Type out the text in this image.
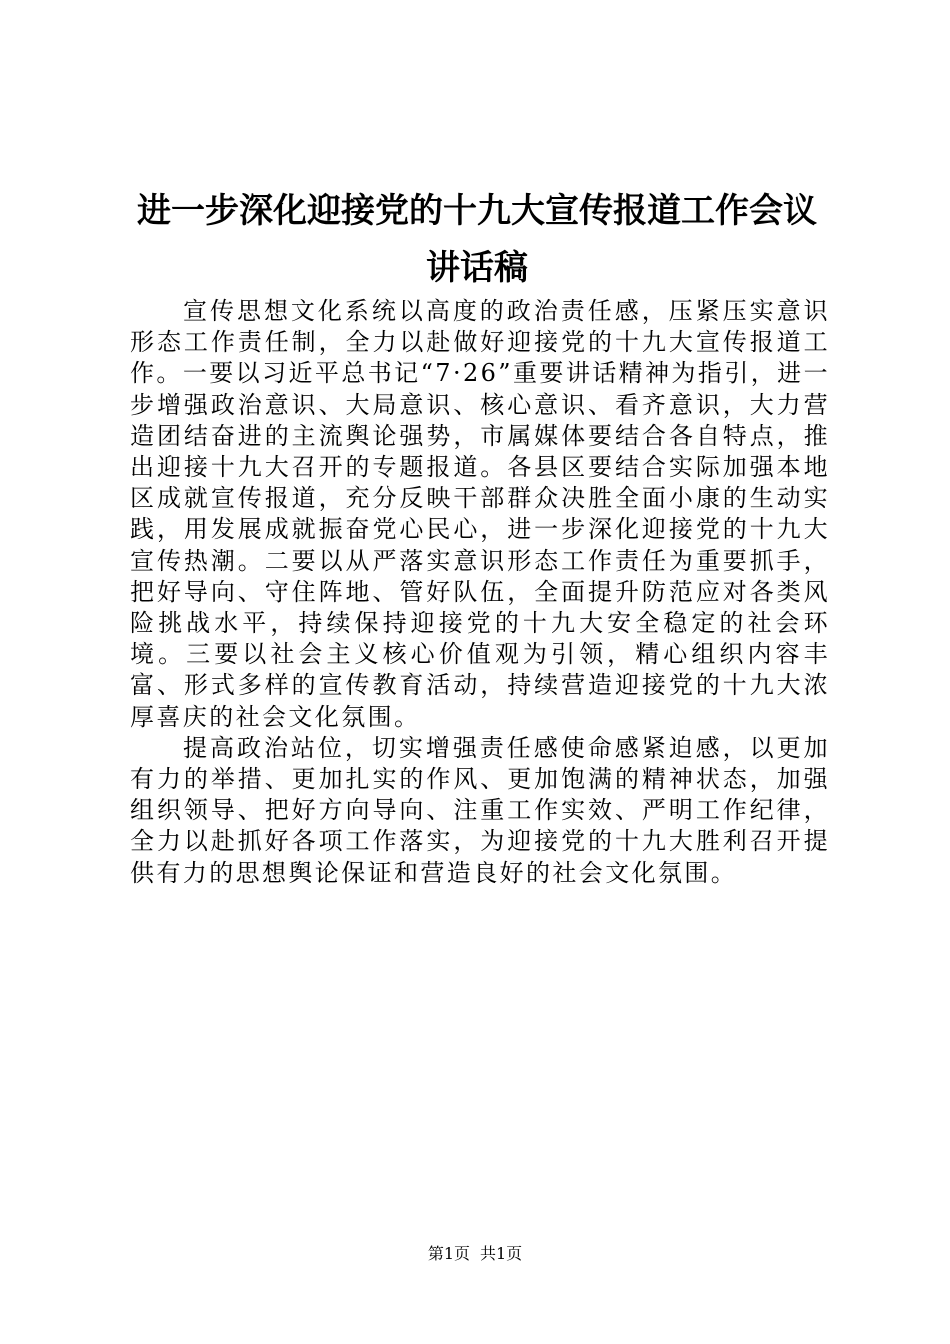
进一步深化迎接党的十九大宣传报道工作会议
讲话稿

宣传思想文化系统以高度的政治责任感，压紧压实意识形态工作责任制，全力以赴做好迎接党的十九大宣传报道工作。一要以习近平总书记“7·26”重要讲话精神为指引，进一步增强政治意识、大局意识、核心意识、看齐意识，大力营造团结奋进的主流舆论强势，市属媒体要结合各自特点，推出迎接十九大召开的专题报道。各县区要结合实际加强本地区成就宣传报道，充分反映干部群众决胜全面小康的生动实践，用发展成就振奋党心民心，进一步深化迎接党的十九大宣传热潮。二要以从严落实意识形态工作责任为重要抓手，把好导向、守住阵地、管好队伍，全面提升防范应对各类风险挑战水平，持续保持迎接党的十九大安全稳定的社会环境。三要以社会主义核心价值观为引领，精心组织内容丰富、形式多样的宣传教育活动，持续营造迎接党的十九大浓厚喜庆的社会文化氛围。

提高政治站位，切实增强责任感使命感紧迫感，以更加有力的举措、更加扎实的作风、更加饱满的精神状态，加强组织领导、把好方向导向、注重工作实效、严明工作纪律，全力以赴抓好各项工作落实，为迎接党的十九大胜利召开提供有力的思想舆论保证和营造良好的社会文化氛围。

第1页 共1页
